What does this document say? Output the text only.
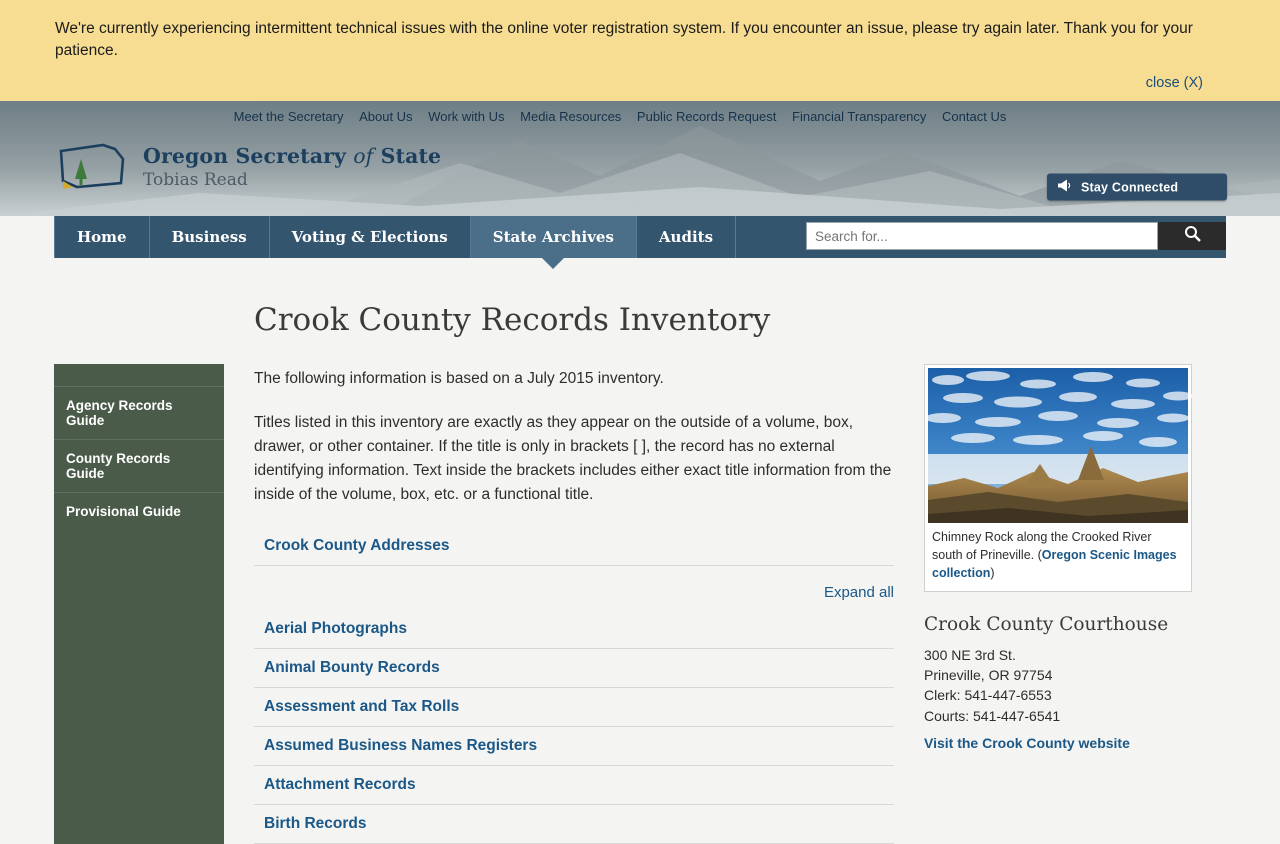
We're currently experiencing intermittent technical issues with the online voter registration system. If you encounter an issue, please try again later. Thank you for your patience.
close (X)
Meet the Secretary About Us Work with Us Media Resources Public Records Request Financial Transparency Contact Us
Stay Connected
Oregon Secretary of State
Tobias Read
Home	Business	Voting & Elections	State Archives	Audits
Search for...
Crook County Records Inventory
Agency Records Guide
County Records Guide
Provisional Guide

The following information is based on a July 2015 inventory.

Titles listed in this inventory are exactly as they appear on the outside of a volume, box, drawer, or other container. If the title is only in brackets [ ], the record has no external identifying information. Text inside the brackets includes either exact title information from the inside of the volume, box, etc. or a functional title.

Crook County Addresses
Expand all
Aerial Photographs
Animal Bounty Records
Assessment and Tax Rolls
Assumed Business Names Registers
Attachment Records
Birth Records
Chimney Rock along the Crooked River south of Prineville. (Oregon Scenic Images collection)
Crook County Courthouse
300 NE 3rd St.
Prineville, OR 97754
Clerk: 541-447-6553
Courts: 541-447-6541
Visit the Crook County website
